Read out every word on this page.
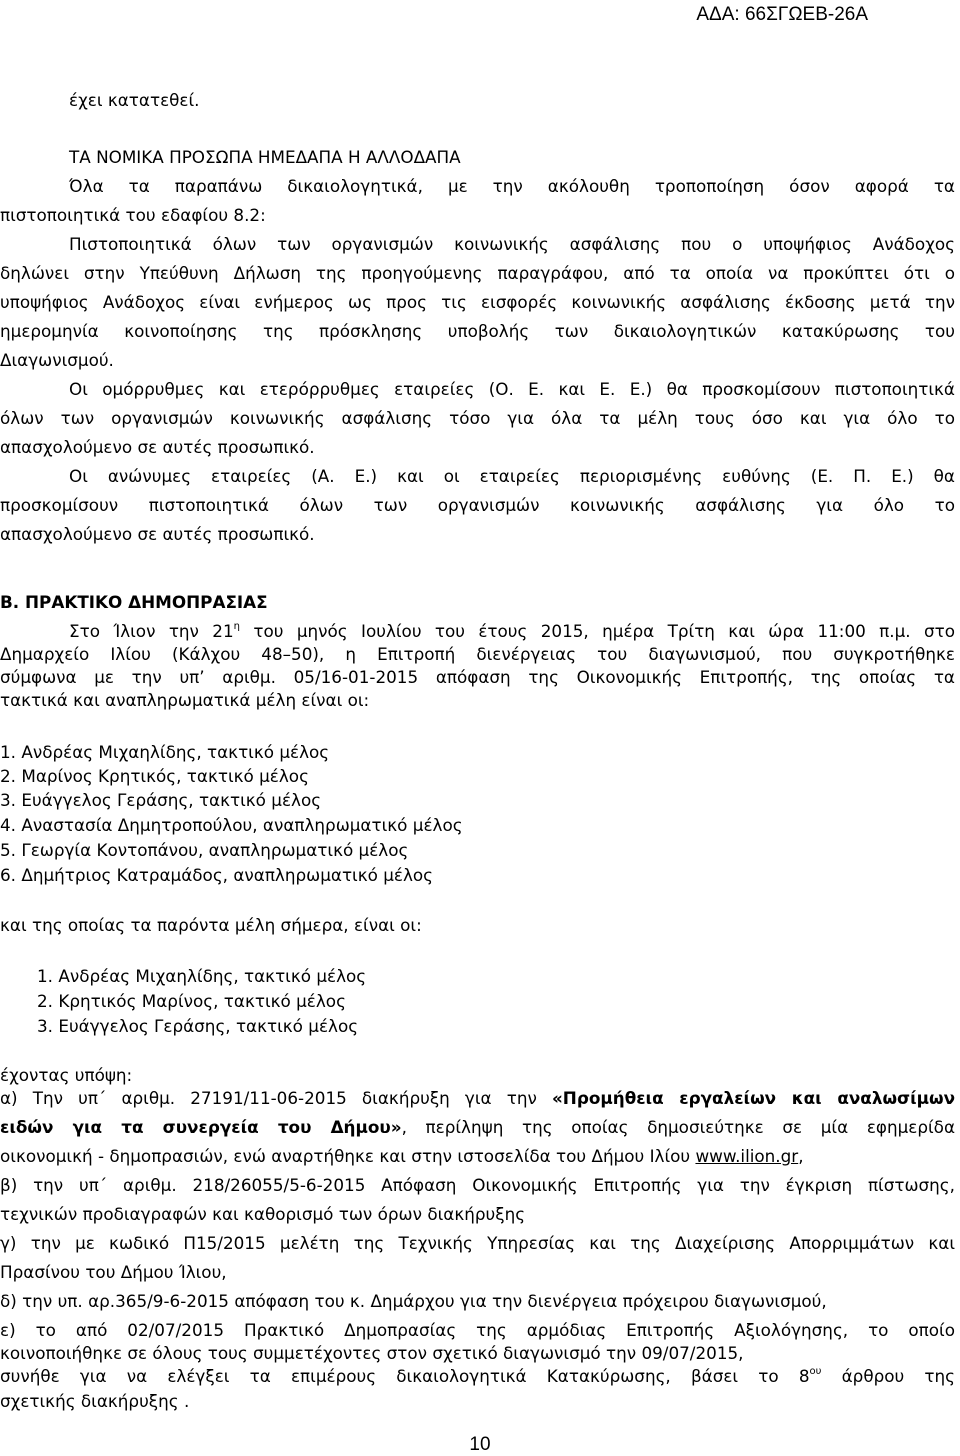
ΑΔΑ: 66ΣΓΩΕΒ-26Α
έχει κατατεθεί.
ΤΑ ΝΟΜΙΚΑ ΠΡΟΣΩΠΑ ΗΜΕΔΑΠΑ Η ΑΛΛΟΔΑΠΑ
Όλα τα παραπάνω δικαιολογητικά, με την ακόλουθη τροποποίηση όσον αφορά τα
πιστοποιητικά του εδαφίου 8.2:
Πιστοποιητικά όλων των οργανισμών κοινωνικής ασφάλισης που ο υποψήφιος Ανάδοχος
δηλώνει στην Υπεύθυνη Δήλωση της προηγούμενης παραγράφου, από τα οποία να προκύπτει ότι ο
υποψήφιος Ανάδοχος είναι ενήμερος ως προς τις εισφορές κοινωνικής ασφάλισης έκδοσης μετά την
ημερομηνία κοινοποίησης της πρόσκλησης υποβολής των δικαιολογητικών κατακύρωσης του
Διαγωνισμού.
Οι ομόρρυθμες και ετερόρρυθμες εταιρείες (Ο. Ε. και Ε. Ε.) θα προσκομίσουν πιστοποιητικά
όλων των οργανισμών κοινωνικής ασφάλισης τόσο για όλα τα μέλη τους όσο και για όλο το
απασχολούμενο σε αυτές προσωπικό.
Οι ανώνυμες εταιρείες (Α. Ε.) και οι εταιρείες περιορισμένης ευθύνης (Ε. Π. Ε.) θα
προσκομίσουν πιστοποιητικά όλων των οργανισμών κοινωνικής ασφάλισης για όλο το
απασχολούμενο σε αυτές προσωπικό.
Β. ΠΡΑΚΤΙΚΟ ΔΗΜΟΠΡΑΣΙΑΣ
Στο Ίλιον την $21^\eta$ του μηνός Ιουλίου του έτους 2015, ημέρα Τρίτη και ώρα 11:00 π.μ. στο
Δημαρχείο Ιλίου (Κάλχου 48–50), η Επιτροπή διενέργειας του διαγωνισμού, που συγκροτήθηκε
σύμφωνα με την υπ’ αριθμ. 05/16-01-2015 απόφαση της Οικονομικής Επιτροπής, της οποίας τα
τακτικά και αναπληρωματικά μέλη είναι οι:
1. Ανδρέας Μιχαηλίδης, τακτικό μέλος
2. Μαρίνος Κρητικός, τακτικό μέλος
3. Ευάγγελος Γεράσης, τακτικό μέλος
4. Αναστασία Δημητροπούλου, αναπληρωματικό μέλος
5. Γεωργία Κοντοπάνου, αναπληρωματικό μέλος
6. Δημήτριος Κατραμάδος, αναπληρωματικό μέλος
και της οποίας τα παρόντα μέλη σήμερα, είναι οι:
1. Ανδρέας Μιχαηλίδης, τακτικό μέλος
2. Κρητικός Μαρίνος, τακτικό μέλος
3. Ευάγγελος Γεράσης, τακτικό μέλος
έχοντας υπόψη:
α) Την υπ΄ αριθμ. 27191/11-06-2015 διακήρυξη για την «Προμήθεια εργαλείων και αναλωσίμων
ειδών για τα συνεργεία του Δήμου», περίληψη της οποίας δημοσιεύτηκε σε μία εφημερίδα
οικονομική - δημοπρασιών, ενώ αναρτήθηκε και στην ιστοσελίδα του Δήμου Ιλίου www.ilion.gr,
β) την υπ΄ αριθμ. 218/26055/5-6-2015 Απόφαση Οικονομικής Επιτροπής για την έγκριση πίστωσης,
τεχνικών προδιαγραφών και καθορισμό των όρων διακήρυξης
γ) την με κωδικό Π15/2015 μελέτη της Τεχνικής Υπηρεσίας και της Διαχείρισης Απορριμμάτων και
Πρασίνου του Δήμου Ίλιου,
δ) την υπ. αρ.365/9-6-2015 απόφαση του κ. Δημάρχου για την διενέργεια πρόχειρου διαγωνισμού,
ε) το από 02/07/2015 Πρακτικό Δημοπρασίας της αρμόδιας Επιτροπής Αξιολόγησης, το οποίο
κοινοποιήθηκε σε όλους τους συμμετέχοντες στον σχετικό διαγωνισμό την 09/07/2015,
συνήθε για να ελέγξει τα επιμέρους δικαιολογητικά Κατακύρωσης, βάσει το $8^{o\upsilon}$ άρθρου της
σχετικής διακήρυξης .
10
